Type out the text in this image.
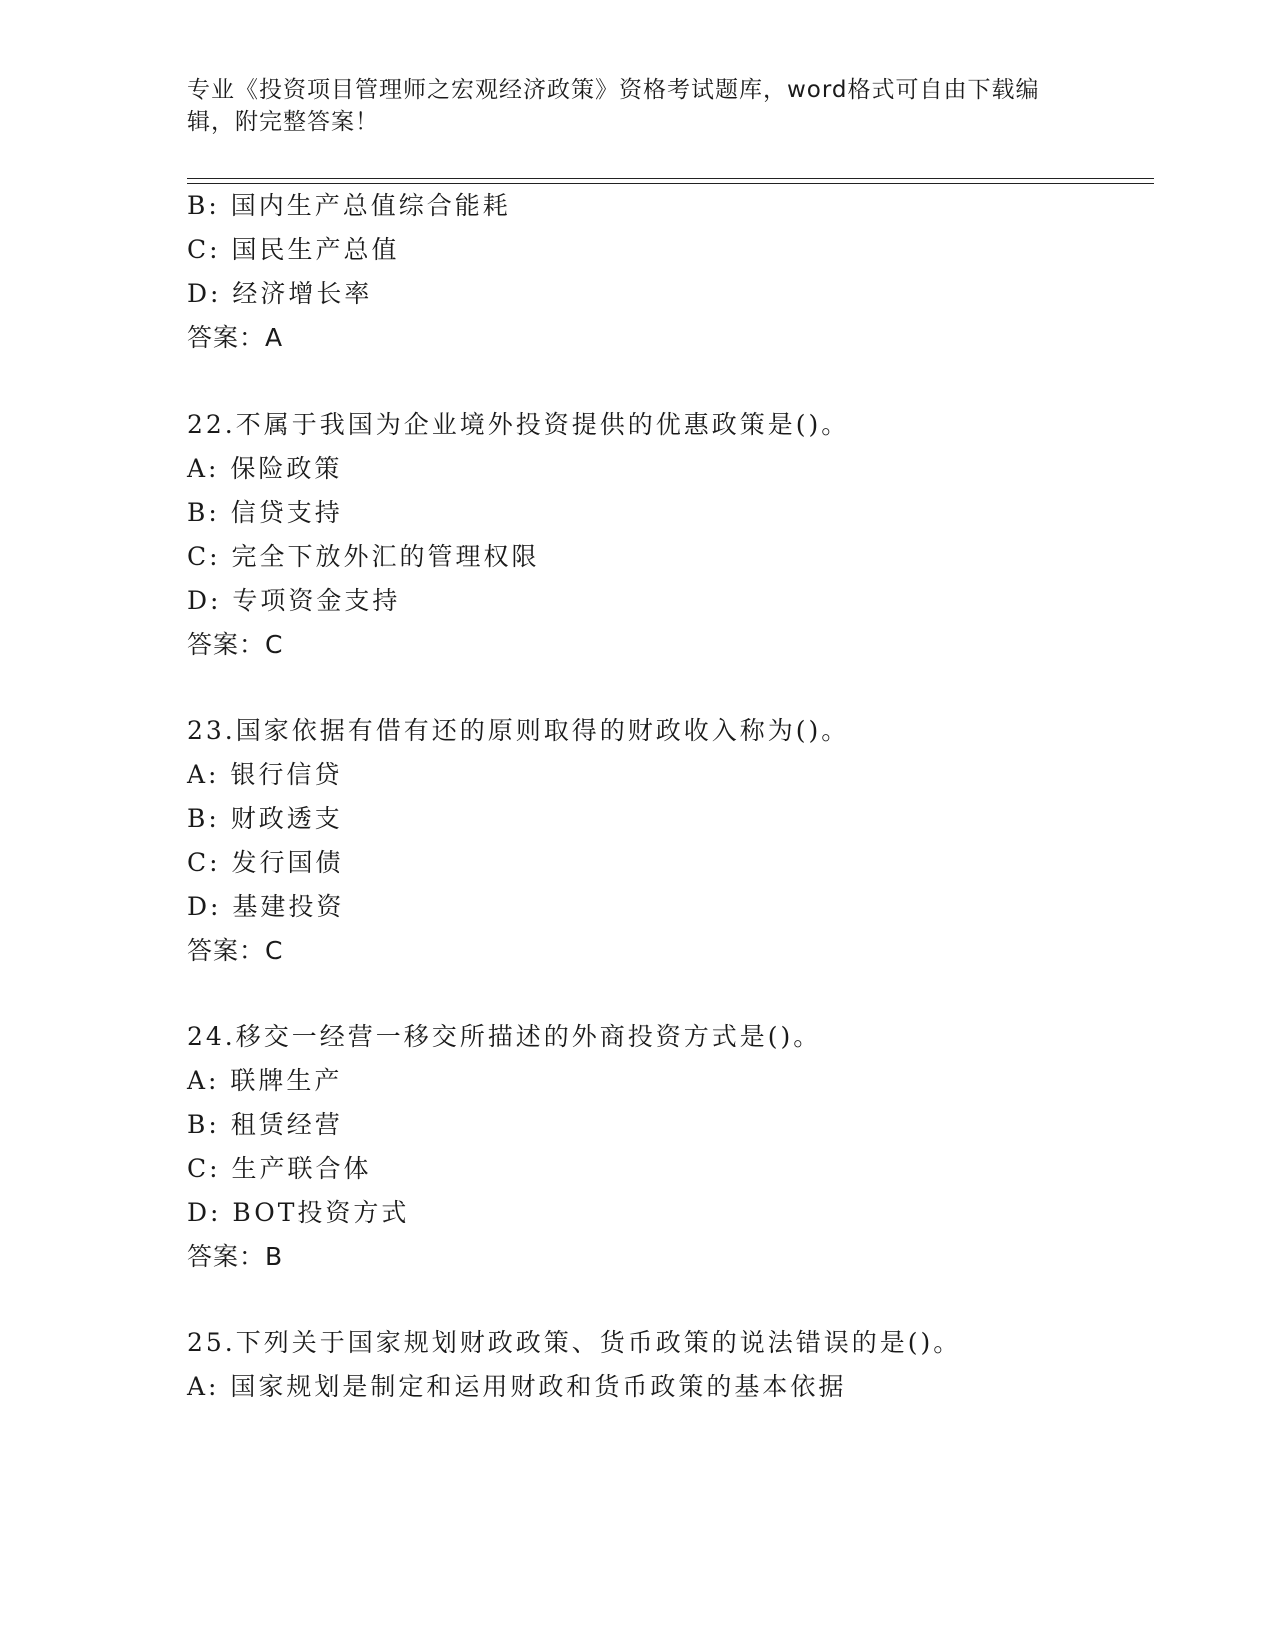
专业《投资项目管理师之宏观经济政策》资格考试题库，word格式可自由下载编辑，附完整答案！
B: 国内生产总值综合能耗
C: 国民生产总值
D: 经济增长率
答案：A
22.不属于我国为企业境外投资提供的优惠政策是()。
A: 保险政策
B: 信贷支持
C: 完全下放外汇的管理权限
D: 专项资金支持
答案：C
23.国家依据有借有还的原则取得的财政收入称为()。
A: 银行信贷
B: 财政透支
C: 发行国债
D: 基建投资
答案：C
24.移交一经营一移交所描述的外商投资方式是()。
A: 联牌生产
B: 租赁经营
C: 生产联合体
D: BOT投资方式
答案：B
25.下列关于国家规划财政政策、货币政策的说法错误的是()。
A: 国家规划是制定和运用财政和货币政策的基本依据
